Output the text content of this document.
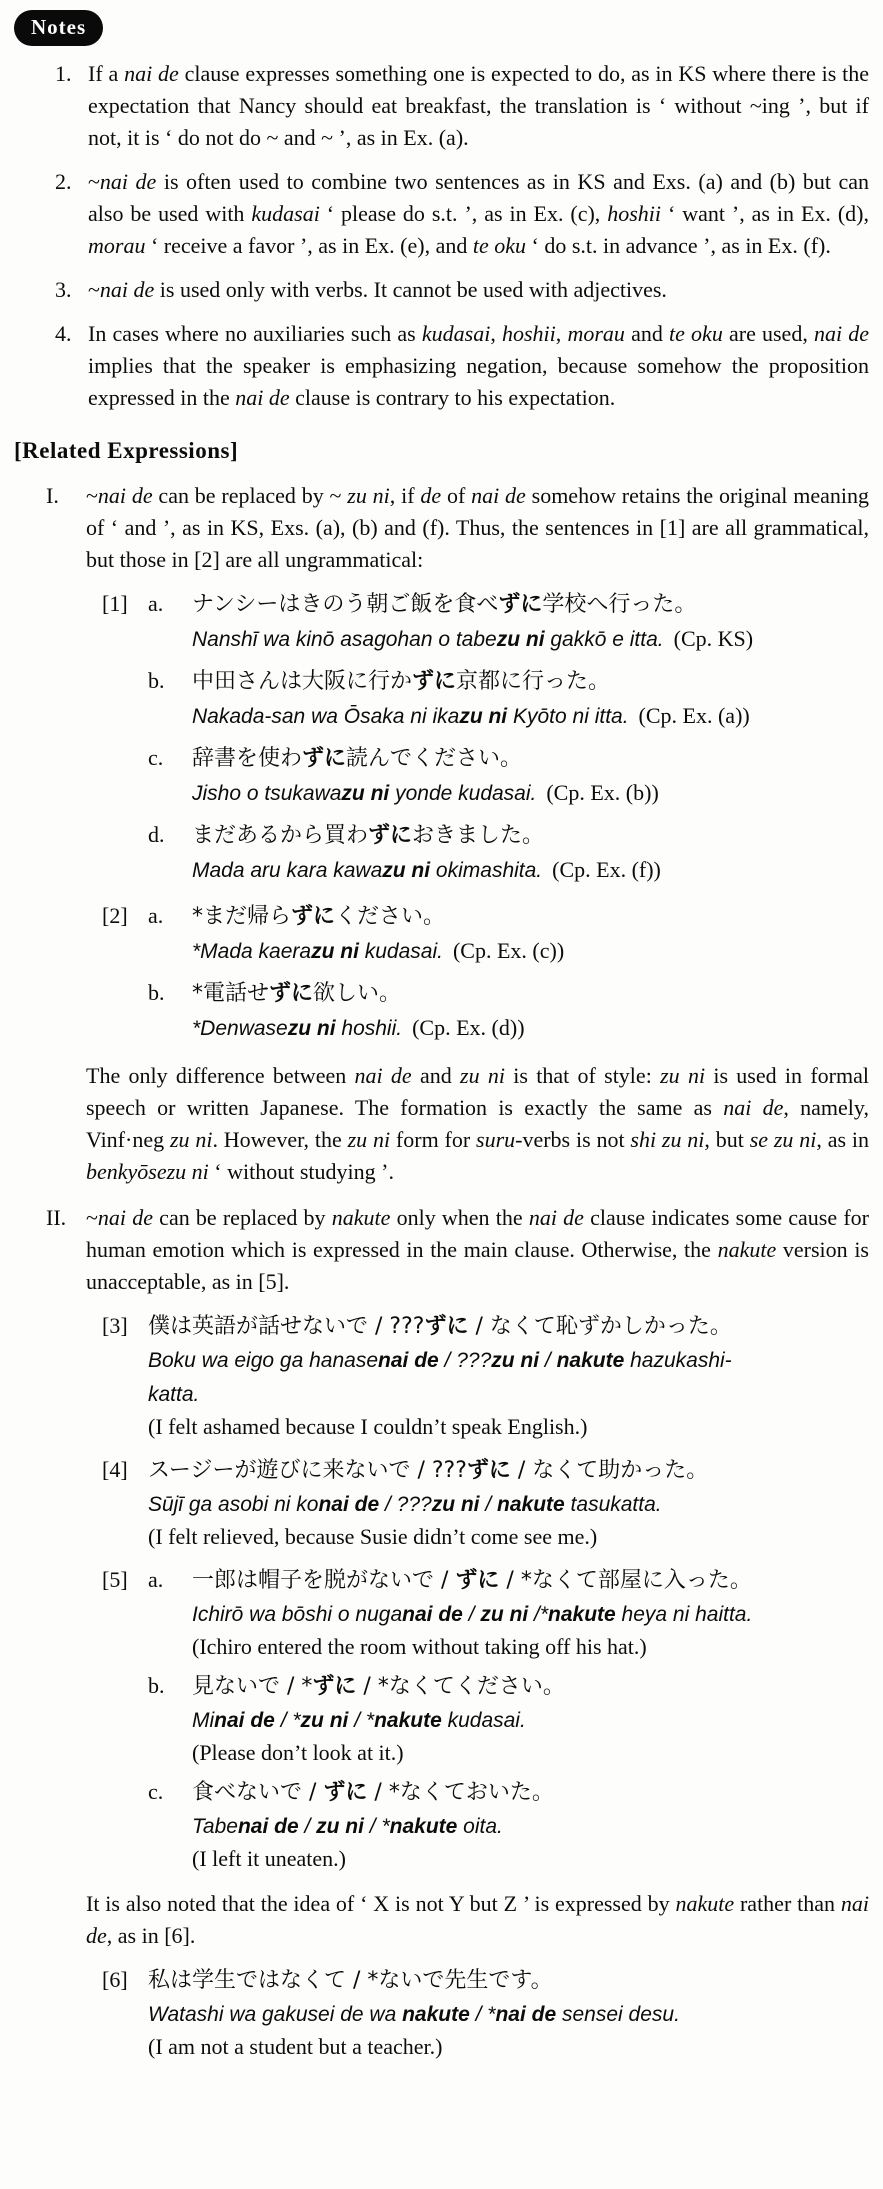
Notes
1. If a nai de clause expresses something one is expected to do, as in KS where there is the expectation that Nancy should eat breakfast, the translation is ‘ without ~ing ’, but if not, it is ‘ do not do ~ and ~ ’, as in Ex. (a).
2. ~nai de is often used to combine two sentences as in KS and Exs. (a) and (b) but can also be used with kudasai ‘ please do s.t. ’, as in Ex. (c), hoshii ‘ want ’, as in Ex. (d), morau ‘ receive a favor ’, as in Ex. (e), and te oku ‘ do s.t. in advance ’, as in Ex. (f).
3. ~nai de is used only with verbs. It cannot be used with adjectives.
4. In cases where no auxiliaries such as kudasai, hoshii, morau and te oku are used, nai de implies that the speaker is emphasizing negation, because somehow the proposition expressed in the nai de clause is contrary to his expectation.
[Related Expressions]
I.	~nai de can be replaced by ~ zu ni, if de of nai de somehow retains the original meaning of ‘ and ’, as in KS, Exs. (a), (b) and (f). Thus, the sentences in [1] are all grammatical, but those in [2] are all ungrammatical:
[1] a.	ナンシーはきのう朝ご飯を食べずに学校へ行った。
Nanshī wa kinō asagohan o tabezu ni gakkō e itta. (Cp. KS)
b.	中田さんは大阪に行かずに京都に行った。
Nakada-san wa Ōsaka ni ikazu ni Kyōto ni itta. (Cp. Ex. (a))
c.	辞書を使わずに読んでください。
Jisho o tsukawazu ni yonde kudasai. (Cp. Ex. (b))
d.	まだあるから買わずにおきました。
Mada aru kara kawazu ni okimashita. (Cp. Ex. (f))
[2] a.	*まだ帰らずにください。
*Mada kaerazu ni kudasai. (Cp. Ex. (c))
b.	*電話せずに欲しい。
*Denwasezu ni hoshii. (Cp. Ex. (d))
The only difference between nai de and zu ni is that of style: zu ni is used in formal speech or written Japanese. The formation is exactly the same as nai de, namely, Vinf·neg zu ni. However, the zu ni form for suru-verbs is not shi zu ni, but se zu ni, as in benkyōsezu ni ‘ without studying ’.
II. ~nai de can be replaced by nakute only when the nai de clause indicates some cause for human emotion which is expressed in the main clause. Otherwise, the nakute version is unacceptable, as in [5].
[3] 僕は英語が話せないで / ???ずに / なくて恥ずかしかった。
Boku wa eigo ga hanasenai de / ???zu ni / nakute hazukashi-
katta.
(I felt ashamed because I couldn’t speak English.)
[4] スージーが遊びに来ないで / ???ずに / なくて助かった。
Sūjī ga asobi ni konai de / ???zu ni / nakute tasukatta.
(I felt relieved, because Susie didn’t come see me.)
[5] a.	一郎は帽子を脱がないで / ずに / *なくて部屋に入った。
Ichirō wa bōshi o nuganai de / zu ni /*nakute heya ni haitta.
(Ichiro entered the room without taking off his hat.)
b.	見ないで / *ずに / *なくてください。
Minai de / *zu ni / *nakute kudasai.
(Please don’t look at it.)
c.	食べないで / ずに / *なくておいた。
Tabenai de / zu ni / *nakute oita.
(I left it uneaten.)
It is also noted that the idea of ‘ X is not Y but Z ’ is expressed by nakute rather than nai de, as in [6].
[6] 私は学生ではなくて / *ないで先生です。
Watashi wa gakusei de wa nakute / *nai de sensei desu.
(I am not a student but a teacher.)
